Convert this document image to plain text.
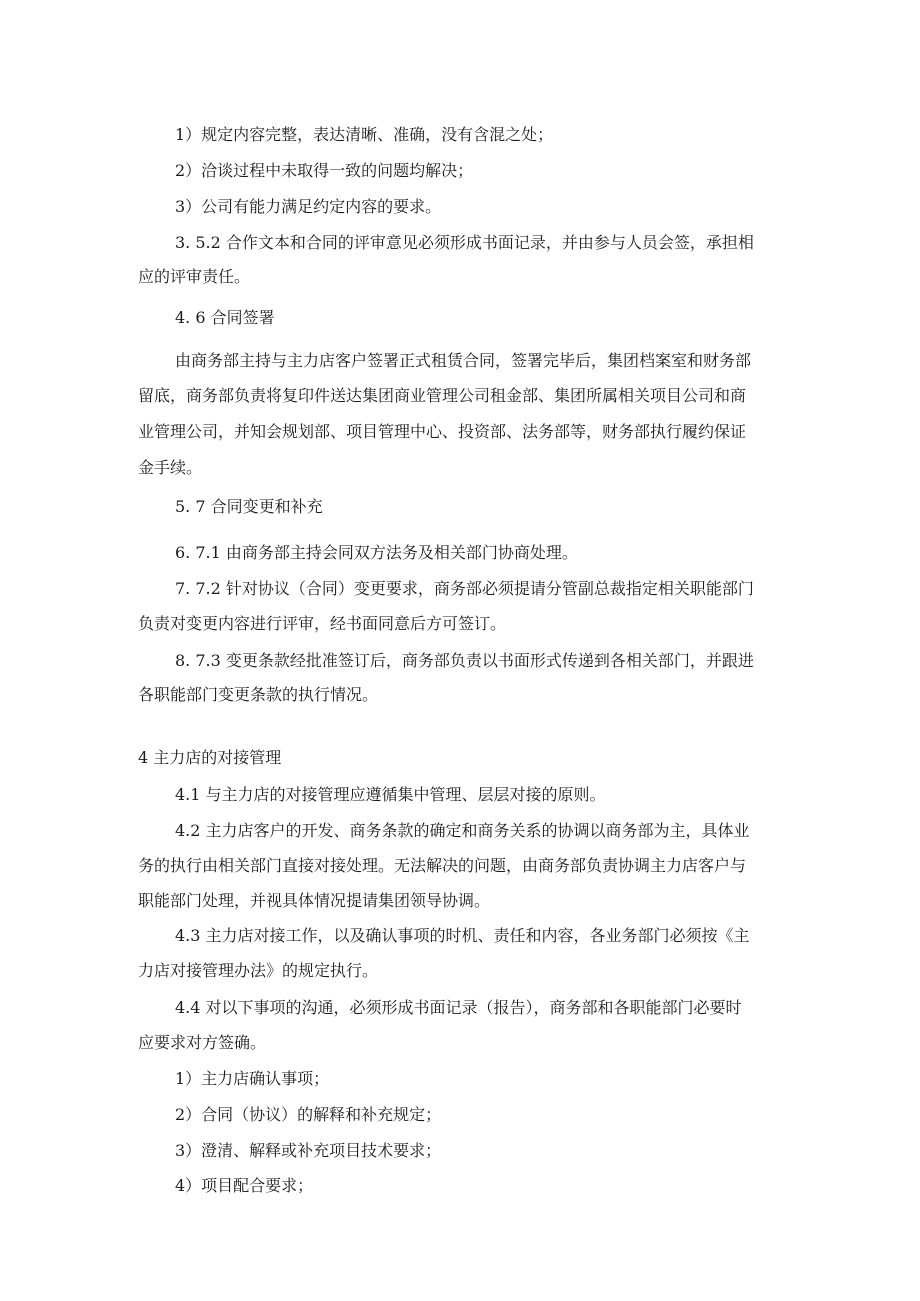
1）规定内容完整，表达清晰、准确，没有含混之处；
2）洽谈过程中未取得一致的问题均解决；
3）公司有能力满足约定内容的要求。
3. 5.2 合作文本和合同的评审意见必须形成书面记录，并由参与人员会签，承担相
应的评审责任。
4. 6 合同签署
由商务部主持与主力店客户签署正式租赁合同，签署完毕后，集团档案室和财务部
留底，商务部负责将复印件送达集团商业管理公司租金部、集团所属相关项目公司和商
业管理公司，并知会规划部、项目管理中心、投资部、法务部等，财务部执行履约保证
金手续。
5. 7 合同变更和补充
6. 7.1 由商务部主持会同双方法务及相关部门协商处理。
7. 7.2 针对协议（合同）变更要求，商务部必须提请分管副总裁指定相关职能部门
负责对变更内容进行评审，经书面同意后方可签订。
8. 7.3 变更条款经批准签订后，商务部负责以书面形式传递到各相关部门，并跟进
各职能部门变更条款的执行情况。
4 主力店的对接管理
4.1 与主力店的对接管理应遵循集中管理、层层对接的原则。
4.2 主力店客户的开发、商务条款的确定和商务关系的协调以商务部为主，具体业
务的执行由相关部门直接对接处理。无法解决的问题，由商务部负责协调主力店客户与
职能部门处理，并视具体情况提请集团领导协调。
4.3 主力店对接工作，以及确认事项的时机、责任和内容，各业务部门必须按《主
力店对接管理办法》的规定执行。
4.4 对以下事项的沟通，必须形成书面记录（报告），商务部和各职能部门必要时
应要求对方签确。
1）主力店确认事项；
2）合同（协议）的解释和补充规定；
3）澄清、解释或补充项目技术要求；
4）项目配合要求；
